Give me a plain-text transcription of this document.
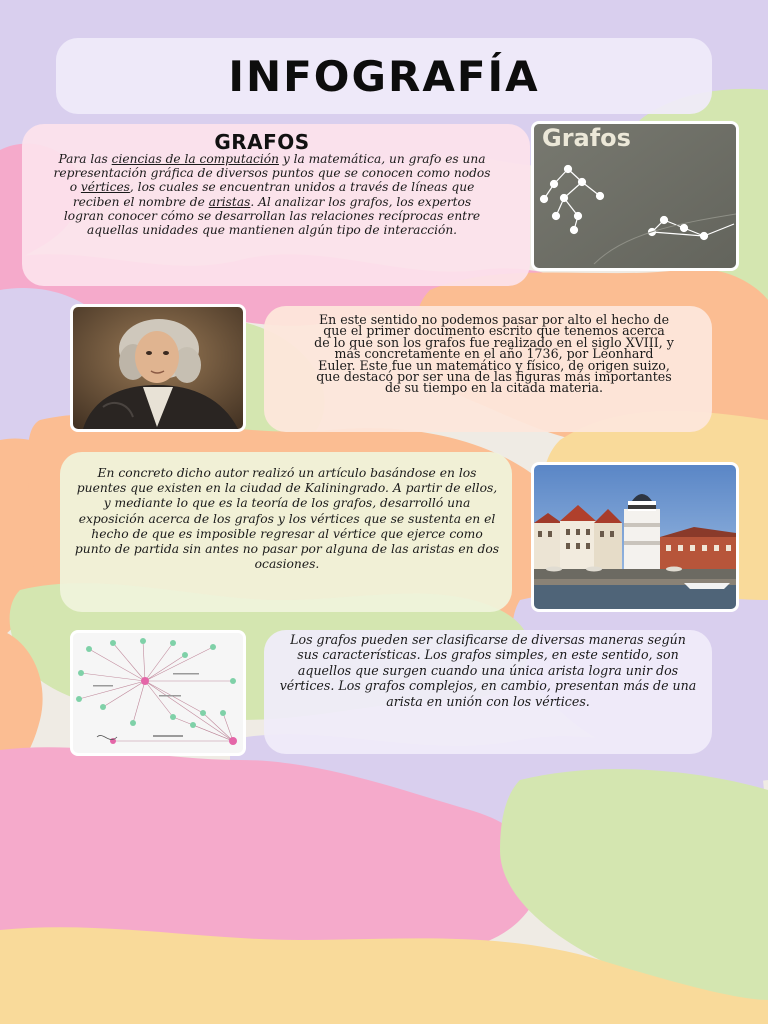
INFOGRAFÍA
GRAFOS
Para las ciencias de la computación y la matemática, un grafo es una representación gráfica de diversos puntos que se conocen como nodos o vértices, los cuales se encuentran unidos a través de líneas que reciben el nombre de aristas. Al analizar los grafos, los expertos logran conocer cómo se desarrollan las relaciones recíprocas entre aquellas unidades que mantienen algún tipo de interacción.
Grafos
En este sentido no podemos pasar por alto el hecho de que el primer documento escrito que tenemos acerca de lo que son los grafos fue realizado en el siglo XVIII, y más concretamente en el año 1736, por Leonhard Euler. Este fue un matemático y físico, de origen suizo, que destacó por ser una de las figuras más importantes de su tiempo en la citada materia.
En concreto dicho autor realizó un artículo basándose en los puentes que existen en la ciudad de Kaliningrado. A partir de ellos, y mediante lo que es la teoría de los grafos, desarrolló una exposición acerca de los grafos y los vértices que se sustenta en el hecho de que es imposible regresar al vértice que ejerce como punto de partida sin antes no pasar por alguna de las aristas en dos ocasiones.
Los grafos pueden ser clasificarse de diversas maneras según sus características. Los grafos simples, en este sentido, son aquellos que surgen cuando una única arista logra unir dos vértices. Los grafos complejos, en cambio, presentan más de una arista en unión con los vértices.
